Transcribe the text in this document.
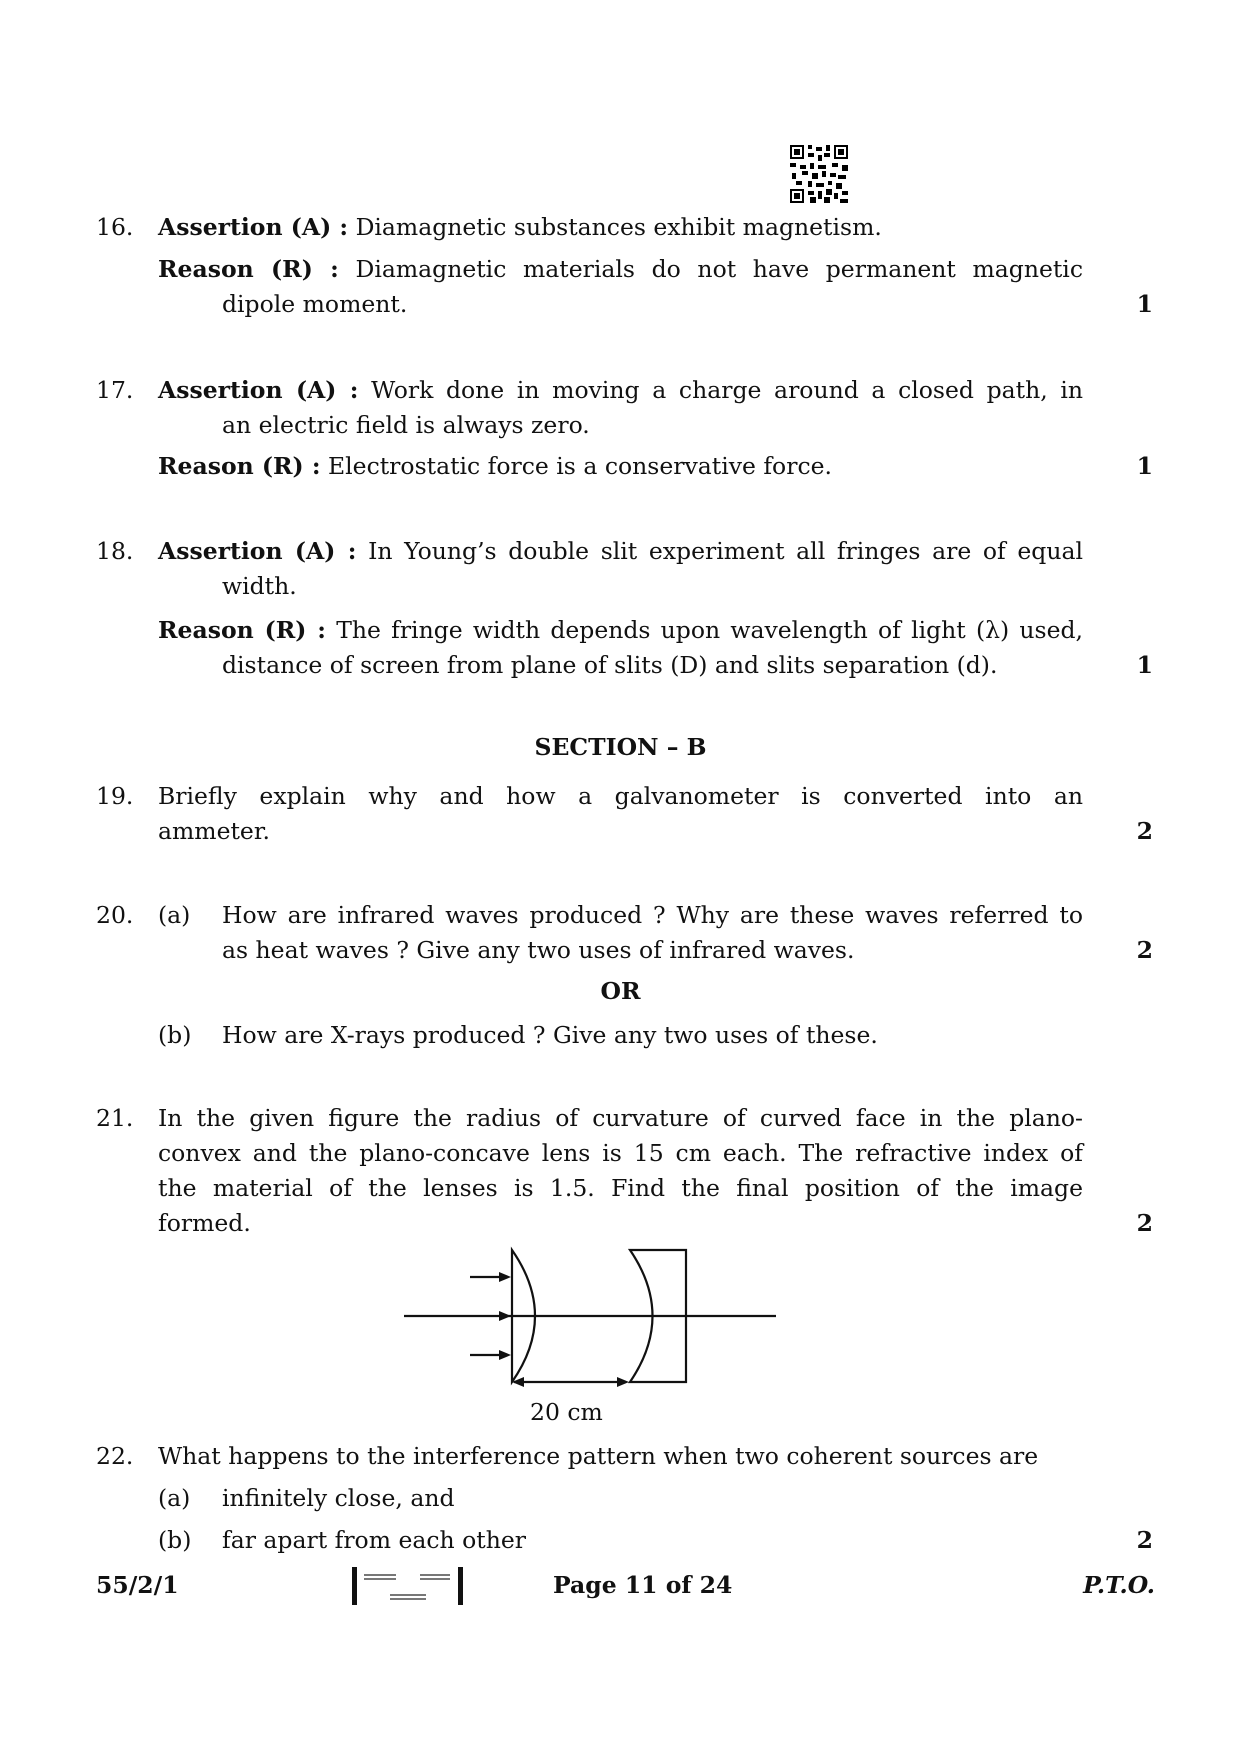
16. Assertion (A) : Diamagnetic substances exhibit magnetism.
Reason (R) : Diamagnetic materials do not have permanent magnetic
dipole moment.	1
17. Assertion (A) : Work done in moving a charge around a closed path, in
an electric field is always zero.
Reason (R) : Electrostatic force is a conservative force.	1
18. Assertion (A) : In Young’s double slit experiment all fringes are of equal
width.
Reason (R) : The fringe width depends upon wavelength of light (λ) used,
distance of screen from plane of slits (D) and slits separation (d).	1
SECTION – B
19. Briefly explain why and how a galvanometer is converted into an
ammeter.	2
20. (a) How are infrared waves produced ? Why are these waves referred to
as heat waves ? Give any two uses of infrared waves.	2
OR
(b) How are X-rays produced ? Give any two uses of these.
21. In the given figure the radius of curvature of curved face in the plano-
convex and the plano-concave lens is 15 cm each. The refractive index of
the material of the lenses is 1.5. Find the final position of the image
formed.	2
20 cm
22. What happens to the interference pattern when two coherent sources are
(a) infinitely close, and
(b) far apart from each other	2
55/2/1	Page 11 of 24	P.T.O.
